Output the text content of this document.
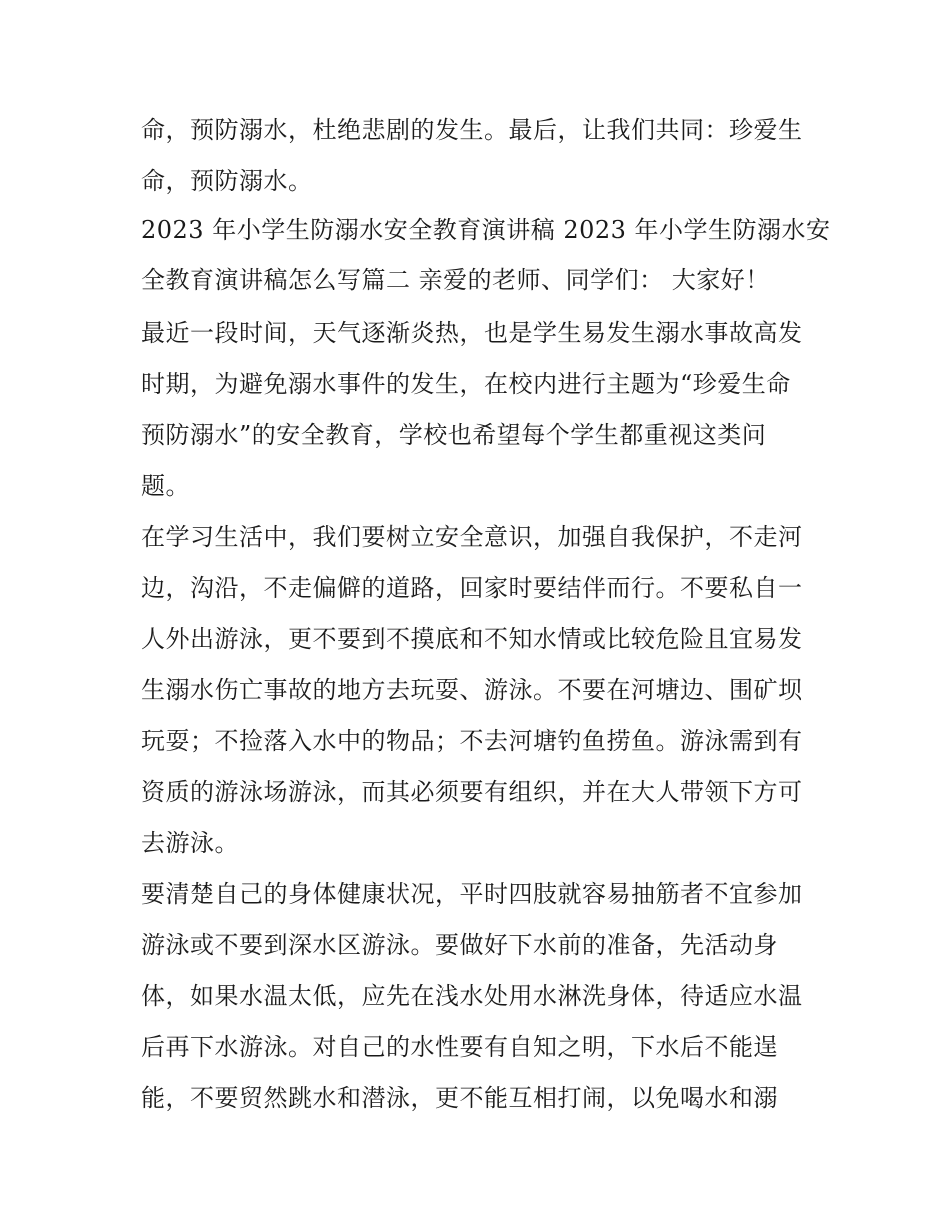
命，预防溺水，杜绝悲剧的发生。最后，让我们共同：珍爱生
命，预防溺水。
2023 年小学生防溺水安全教育演讲稿 2023 年小学生防溺水安
全教育演讲稿怎么写篇二 亲爱的老师、同学们： 大家好！
最近一段时间，天气逐渐炎热，也是学生易发生溺水事故高发
时期，为避免溺水事件的发生，在校内进行主题为“珍爱生命
预防溺水”的安全教育，学校也希望每个学生都重视这类问
题。
在学习生活中，我们要树立安全意识，加强自我保护，不走河
边，沟沿，不走偏僻的道路，回家时要结伴而行。不要私自一
人外出游泳，更不要到不摸底和不知水情或比较危险且宜易发
生溺水伤亡事故的地方去玩耍、游泳。不要在河塘边、围矿坝
玩耍；不捡落入水中的物品；不去河塘钓鱼捞鱼。游泳需到有
资质的游泳场游泳，而其必须要有组织，并在大人带领下方可
去游泳。
要清楚自己的身体健康状况，平时四肢就容易抽筋者不宜参加
游泳或不要到深水区游泳。要做好下水前的准备，先活动身
体，如果水温太低，应先在浅水处用水淋洗身体，待适应水温
后再下水游泳。对自己的水性要有自知之明，下水后不能逞
能，不要贸然跳水和潜泳，更不能互相打闹，以免喝水和溺
